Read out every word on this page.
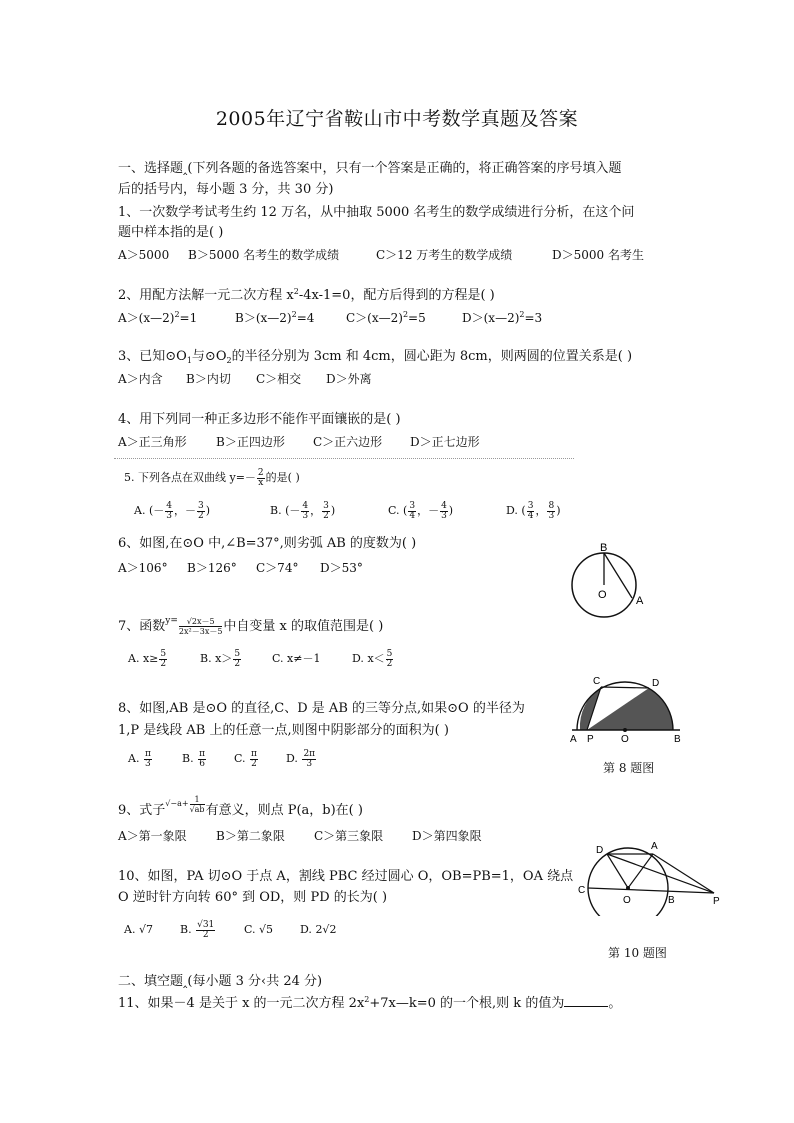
2005年辽宁省鞍山市中考数学真题及答案
一、选择题‸(下列各题的备选答案中，只有一个答案是正确的，将正确答案的序号填入题
后的括号内，每小题 3 分，共 30 分)
1、一次数学考试考生约 12 万名，从中抽取 5000 名考生的数学成绩进行分析，在这个问
题中样本指的是( )
A＞5000 B＞5000 名考生的数学成绩	C＞12 万考生的数学成绩	D＞5000 名考生
2、用配方法解一元二次方程 $x^2-4x-1=0$，配方后得到的方程是( )
A＞(x—2)$^2$=1	B＞(x—2)$^2$=4	C＞(x—2)$^2$=5	D＞(x—2)$^2$=3
3、已知$⊙O_1$与$⊙O_2$的半径分别为 3cm 和 4cm，圆心距为 8cm，则两圆的位置关系是( )
A＞内含 B＞内切 C＞相交 D＞外离
4、用下列同一种正多边形不能作平面镶嵌的是( )
A＞正三角形 B＞正四边形 C＞正六边形 D＞正七边形
5. 下列各点在双曲线 $y=- \frac{2}{x}$ 的是( )
A. (－ $\frac{4}{3}$ ，－ $\frac{3}{2}$ )	B. (－ $\frac{4}{3}$ ， $\frac{3}{2}$ )	C. ( $\frac{3}{4}$ ，－ $\frac{4}{3}$ )	D. ( $\frac{3}{4}$ ， $\frac{8}{3}$ )
6、如图,在⊙O 中,∠B=37°,则劣弧 AB 的度数为( )
A＞106° B＞126° C＞74° D＞53°
B
O	A
7、函数$^{y=} \frac{√2x-5}{\text{2x²－3x－5}}$ 中自变量 x 的取值范围是( )
A. $x\ge \frac{5}{2}$	B. $x> \frac{5}{2}$	C. x≠－1	D. $x< \frac{5}{2}$
8、如图,AB 是⊙O 的直径,C、D 是 AB 的三等分点,如果⊙O 的半径为
1,P 是线段 AB 上的任意一点,则图中阴影部分的面积为( )
A. $\frac{\pi}{3}$	B. $\frac{\pi}{6}$	C. $\frac{\pi}{2}$	D. $\frac{2\pi}{3}$
C	D
A P	O	B
第 8 题图
9、式子$^{√-a+} \frac{1}{√ab}$ 有意义，则点 P(a，b)在( )
A＞第一象限 B＞第二象限 C＞第三象限 D＞第四象限
10、如图，PA 切⊙O 于点 A，割线 PBC 经过圆心 O，OB=PB=1，OA 绕点
O 逆时针方向转 60° 到 OD，则 PD 的长为( )
A. √7 B. $\frac{√31}{2}$	C. √5 D. 2√2
D	A
C
O	B	P
第 10 题图
二、填空题‸(每小题 3 分‹共 24 分)
11、如果－4 是关于 x 的一元二次方程 $2x^2+7x—k=0$ 的一个根,则 k 的值为	。
